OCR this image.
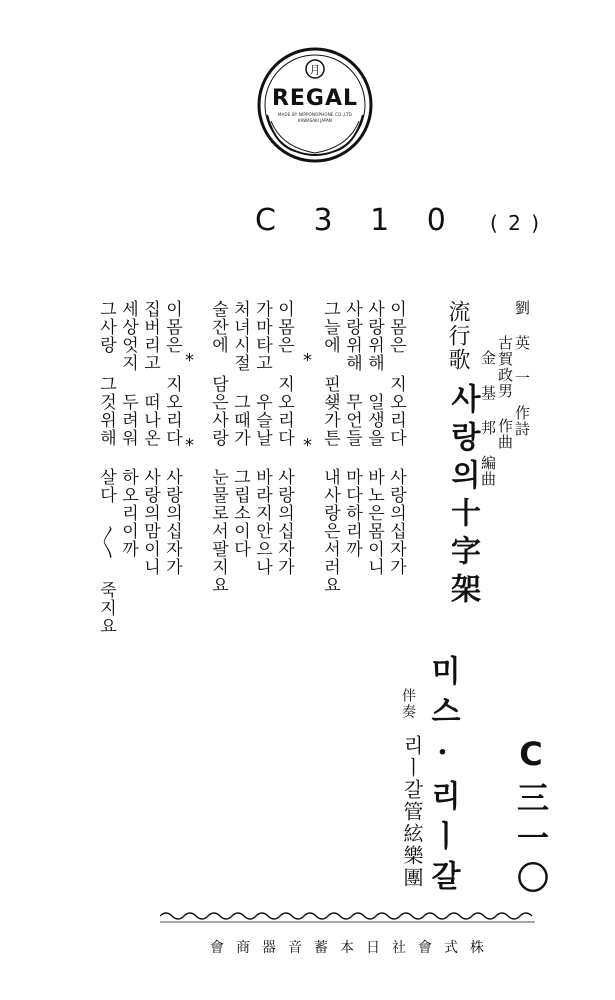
月
REGAL
MADE BY NIPPONOPHONE CO.,LTD
KAWASAKI JAPAN
C 3 1 0 ( 2 )
流行歌
사랑의十字架
劉 英 一 作詩
古賀政男 作曲
金 基 邦 編曲
이몸은 지오리다 사랑의십자가
사랑위해 일생을 바노은몸이니
사랑위해 무언들 마다하리까
그늘에 핀쇚가튼 내사랑은서러요
이몸은 지오리다 사랑의십자가
가마타고 우슬날 바라지안으나
처녀시절 그때가 그립소이다
술잔에 담은사랑 눈물로서팔지요
이몸은 지오리다 사랑의십자가
집버리고 떠나온 사랑의맘이니
세상엇지 두려워 하오리이까
그사랑 그것위해 살다 〳〵 죽지요	*
*
*
*
미스·리ㅣ갈
伴奏
리ㅣ갈管絃樂團	C三一〇
株式會社日本蓄音器商會
